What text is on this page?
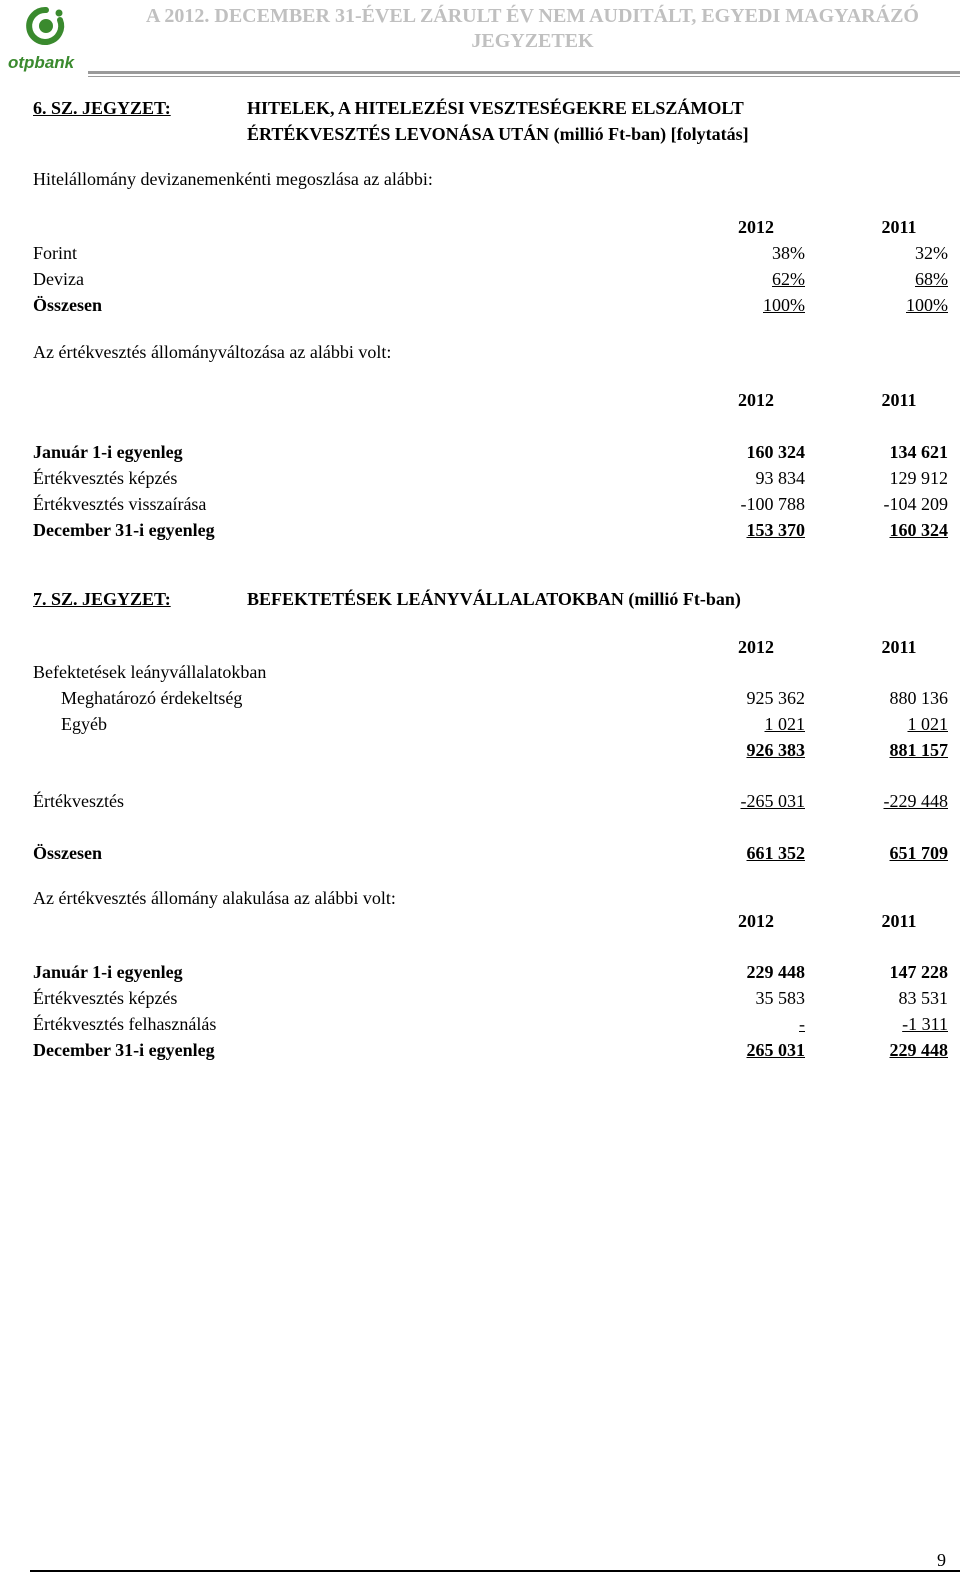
otpbank
A 2012. DECEMBER 31-ÉVEL ZÁRULT ÉV NEM AUDITÁLT, EGYEDI MAGYARÁZÓ JEGYZETEK
6. SZ. JEGYZET:	HITELEK, A HITELEZÉSI VESZTESÉGEKRE ELSZÁMOLT
ÉRTÉKVESZTÉS LEVONÁSA UTÁN (millió Ft-ban) [folytatás]
Hitelállomány devizanemenkénti megoszlása az alábbi:
2012	2011
Forint	38%	32%
Deviza	62%	68%
Összesen	100%	100%
Az értékvesztés állományváltozása az alábbi volt:
2012	2011
Január 1-i egyenleg	160 324	134 621
Értékvesztés képzés	93 834	129 912
Értékvesztés visszaírása	-100 788	-104 209
December 31-i egyenleg	153 370	160 324
7. SZ. JEGYZET:	BEFEKTETÉSEK LEÁNYVÁLLALATOKBAN (millió Ft-ban)
2012	2011
Befektetések leányvállalatokban
Meghatározó érdekeltség	925 362	880 136
Egyéb	1 021	1 021
926 383	881 157
Értékvesztés	-265 031	-229 448
Összesen	661 352	651 709
Az értékvesztés állomány alakulása az alábbi volt:
2012	2011
Január 1-i egyenleg	229 448	147 228
Értékvesztés képzés	35 583	83 531
Értékvesztés felhasználás	-	-1 311
December 31-i egyenleg	265 031	229 448
9
